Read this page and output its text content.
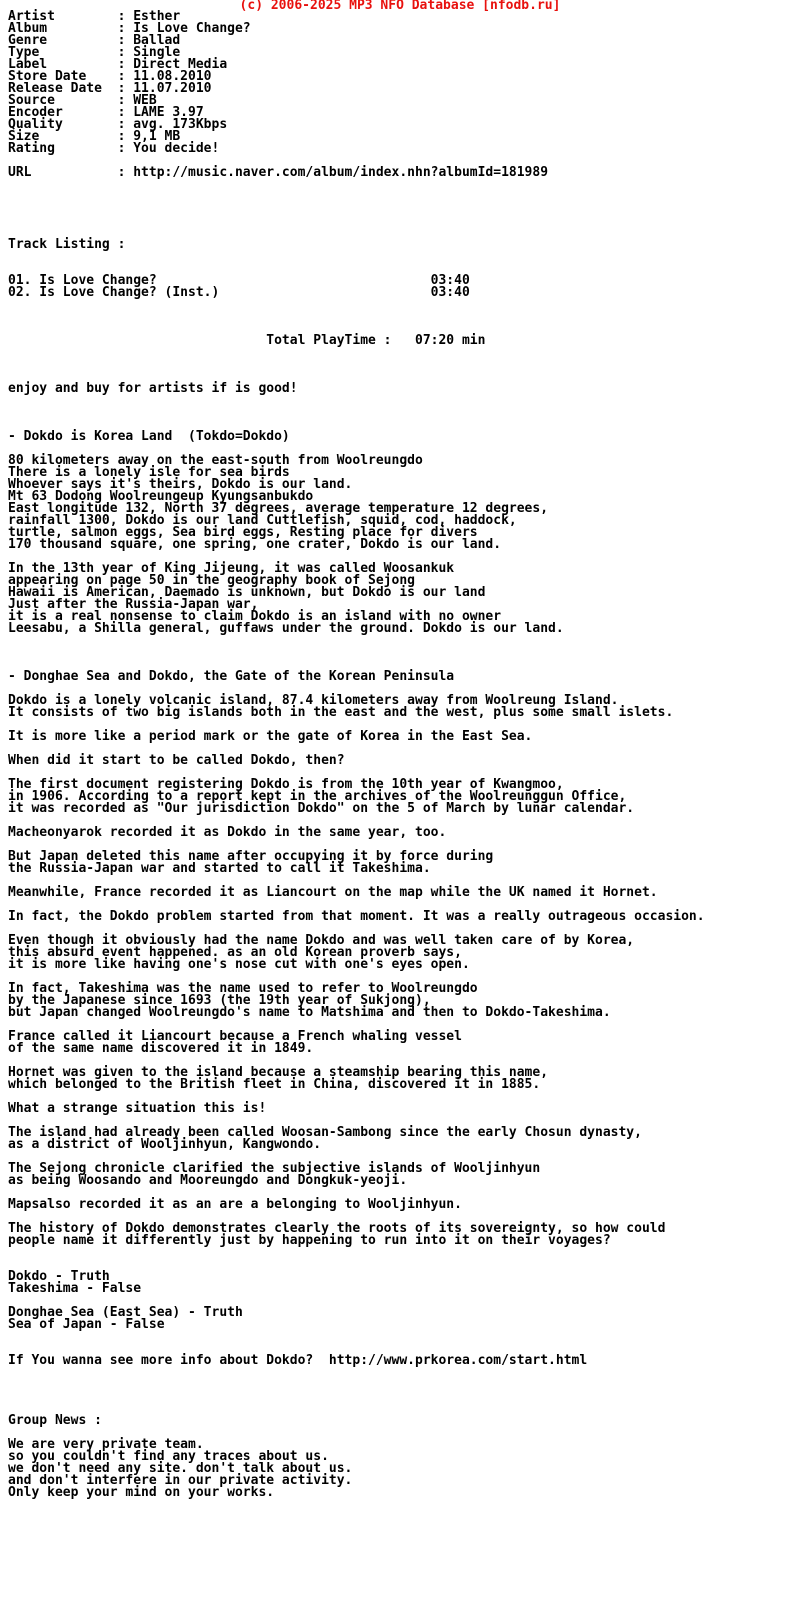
(c) 2006-2025 MP3 NFO Database [nfodb.ru]
Artist        : Esther
Album         : Is Love Change?
Genre         : Ballad
Type          : Single
Label         : Direct Media
Store Date    : 11.08.2010
Release Date  : 11.07.2010
Source        : WEB
Encoder       : LAME 3.97
Quality       : avg. 173Kbps
Size          : 9,1 MB
Rating        : You decide!
URL           : http://music.naver.com/album/index.nhn?albumId=181989
Track Listing :
01. Is Love Change?                                   03:40
02. Is Love Change? (Inst.)                           03:40
Total PlayTime :   07:20 min
enjoy and buy for artists if is good!
- Dokdo is Korea Land  (Tokdo=Dokdo)
80 kilometers away on the east-south from Woolreungdo
There is a lonely isle for sea birds
Whoever says it's theirs, Dokdo is our land.
Mt 63 Dodong Woolreungeup Kyungsanbukdo
East longitude 132, North 37 degrees, average temperature 12 degrees,
rainfall 1300, Dokdo is our land Cuttlefish, squid, cod, haddock,
turtle, salmon eggs, Sea bird eggs, Resting place for divers
170 thousand square, one spring, one crater, Dokdo is our land.
In the 13th year of King Jijeung, it was called Woosankuk
appearing on page 50 in the geography book of Sejong
Hawaii is American, Daemado is unknown, but Dokdo is our land
Just after the Russia-Japan war,
it is a real nonsense to claim Dokdo is an island with no owner
Leesabu, a Shilla general, guffaws under the ground. Dokdo is our land.
- Donghae Sea and Dokdo, the Gate of the Korean Peninsula
Dokdo is a lonely volcanic island, 87.4 kilometers away from Woolreung Island.
It consists of two big islands both in the east and the west, plus some small islets.
It is more like a period mark or the gate of Korea in the East Sea.
When did it start to be called Dokdo, then?
The first document registering Dokdo is from the 10th year of Kwangmoo,
in 1906. According to a report kept in the archives of the Woolreunggun Office,
it was recorded as "Our jurisdiction Dokdo" on the 5 of March by lunar calendar.
Macheonyarok recorded it as Dokdo in the same year, too.
But Japan deleted this name after occupying it by force during
the Russia-Japan war and started to call it Takeshima.
Meanwhile, France recorded it as Liancourt on the map while the UK named it Hornet.
In fact, the Dokdo problem started from that moment. It was a really outrageous occasion.
Even though it obviously had the name Dokdo and was well taken care of by Korea,
this absurd event happened. as an old Korean proverb says,
it is more like having one's nose cut with one's eyes open.
In fact, Takeshima was the name used to refer to Woolreungdo
by the Japanese since 1693 (the 19th year of Sukjong),
but Japan changed Woolreungdo's name to Matshima and then to Dokdo-Takeshima.
France called it Liancourt because a French whaling vessel
of the same name discovered it in 1849.
Hornet was given to the island because a steamship bearing this name,
which belonged to the British fleet in China, discovered it in 1885.
What a strange situation this is!
The island had already been called Woosan-Sambong since the early Chosun dynasty,
as a district of Wooljinhyun, Kangwondo.
The Sejong chronicle clarified the subjective islands of Wooljinhyun
as being Woosando and Mooreungdo and Dongkuk-yeoji.
Mapsalso recorded it as an are a belonging to Wooljinhyun.
The history of Dokdo demonstrates clearly the roots of its sovereignty, so how could
people name it differently just by happening to run into it on their voyages?
Dokdo - Truth
Takeshima - False
Donghae Sea (East Sea) - Truth
Sea of Japan - False
If You wanna see more info about Dokdo?  http://www.prkorea.com/start.html
Group News :
We are very private team.
so you couldn't find any traces about us.
we don't need any site. don't talk about us.
and don't interfere in our private activity.
Only keep your mind on your works.
